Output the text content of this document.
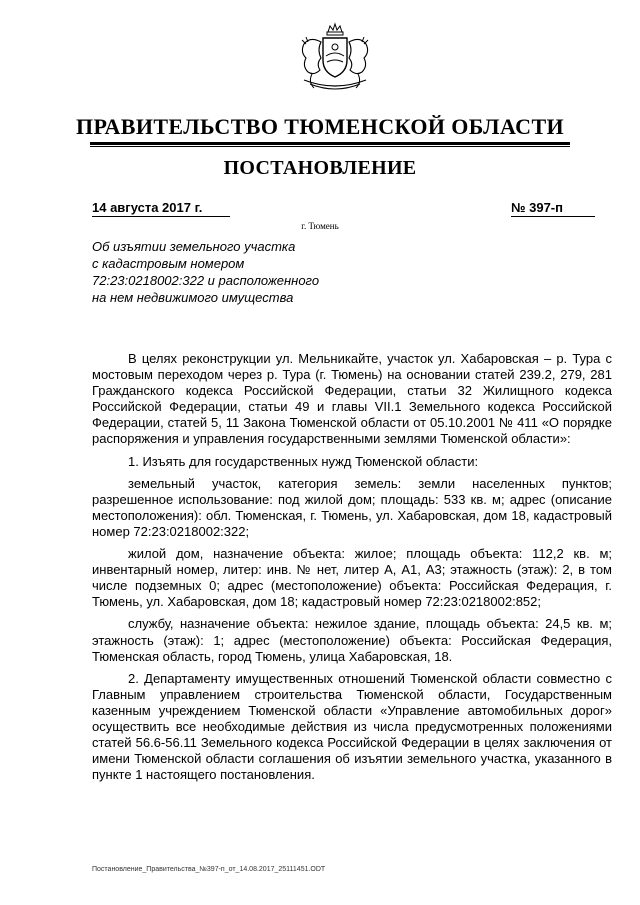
ПРАВИТЕЛЬСТВО ТЮМЕНСКОЙ ОБЛАСТИ
ПОСТАНОВЛЕНИЕ
14 августа 2017 г.	№ 397-п
г. Тюмень
Об изъятии земельного участка
с кадастровым номером
72:23:0218002:322 и расположенного
на нем недвижимого имущества

В целях реконструкции ул. Мельникайте, участок ул. Хабаровская – р. Тура с мостовым переходом через р. Тура (г. Тюмень) на основании статей 239.2, 279, 281 Гражданского кодекса Российской Федерации, статьи 32 Жилищного кодекса Российской Федерации, статьи 49 и главы VII.1 Земельного кодекса Российской Федерации, статей 5, 11 Закона Тюменской области от 05.10.2001 № 411 «О порядке распоряжения и управления государственными землями Тюменской области»:

1. Изъять для государственных нужд Тюменской области:

земельный участок, категория земель: земли населенных пунктов; разрешенное использование: под жилой дом; площадь: 533 кв. м; адрес (описание местоположения): обл. Тюменская, г. Тюмень, ул. Хабаровская, дом 18, кадастровый номер 72:23:0218002:322;

жилой дом, назначение объекта: жилое; площадь объекта: 112,2 кв. м; инвентарный номер, литер: инв. № нет, литер А, А1, А3; этажность (этаж): 2, в том числе подземных 0; адрес (местоположение) объекта: Российская Федерация, г. Тюмень, ул. Хабаровская, дом 18; кадастровый номер 72:23:0218002:852;

службу, назначение объекта: нежилое здание, площадь объекта: 24,5 кв. м; этажность (этаж): 1; адрес (местоположение) объекта: Российская Федерация, Тюменская область, город Тюмень, улица Хабаровская, 18.

2. Департаменту имущественных отношений Тюменской области совместно с Главным управлением строительства Тюменской области, Государственным казенным учреждением Тюменской области «Управление автомобильных дорог» осуществить все необходимые действия из числа предусмотренных положениями статей 56.6-56.11 Земельного кодекса Российской Федерации в целях заключения от имени Тюменской области соглашения об изъятии земельного участка, указанного в пункте 1 настоящего постановления.

Постановление_Правительства_№397-п_от_14.08.2017_25111451.ODT
